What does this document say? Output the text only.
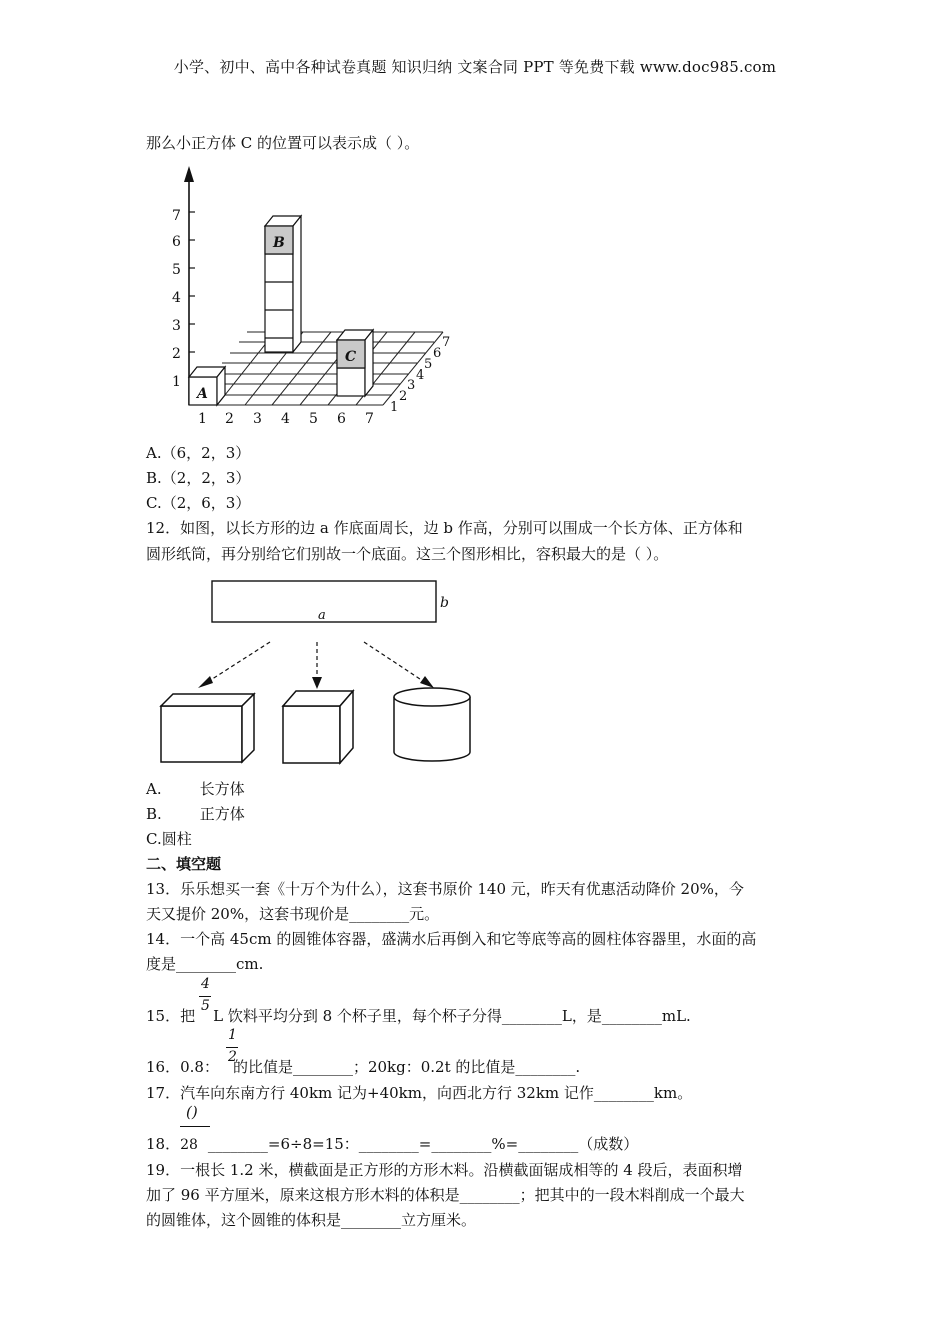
小学、初中、高中各种试卷真题 知识归纳 文案合同 PPT 等免费下载 www.doc985.com
那么小正方体 C 的位置可以表示成（ ）。
1
2
3
4
5
6
7
1 2 3 4 5 6 7
1
2
3
4
5
6
7
A
B
C
A.（6，2，3）
B.（2，2，3）
C.（2，6，3）
12．如图，以长方形的边 a 作底面周长，边 b 作高，分别可以围成一个长方体、正方体和
圆形纸筒，再分别给它们别故一个底面。这三个图形相比，容积最大的是（ ）。
a
b
A.	长方体
B.	正方体
C.圆柱
二、填空题
13．乐乐想买一套《十万个为什么），这套书原价 140 元，昨天有优惠活动降价 20%，今
天又提价 20%，这套书现价是________元。
14．一个高 45cm 的圆锥体容器，盛满水后再倒入和它等底等高的圆柱体容器里，水面的高
度是________cm.
4
5
15．把 L 饮料平均分到 8 个杯子里，每个杯子分得________L，是________mL.
1
2
16．0.8： 的比值是________；20kg：0.2t 的比值是________.
17．汽车向东南方行 40km 记为+40km，向西北方行 32km 记作________km。
()
18．28 ________=6÷8=15：________=________%=________（成数）
19．一根长 1.2 米，横截面是正方形的方形木料。沿横截面锯成相等的 4 段后，表面积增
加了 96 平方厘米，原来这根方形木料的体积是________；把其中的一段木料削成一个最大
的圆锥体，这个圆锥的体积是________立方厘米。
